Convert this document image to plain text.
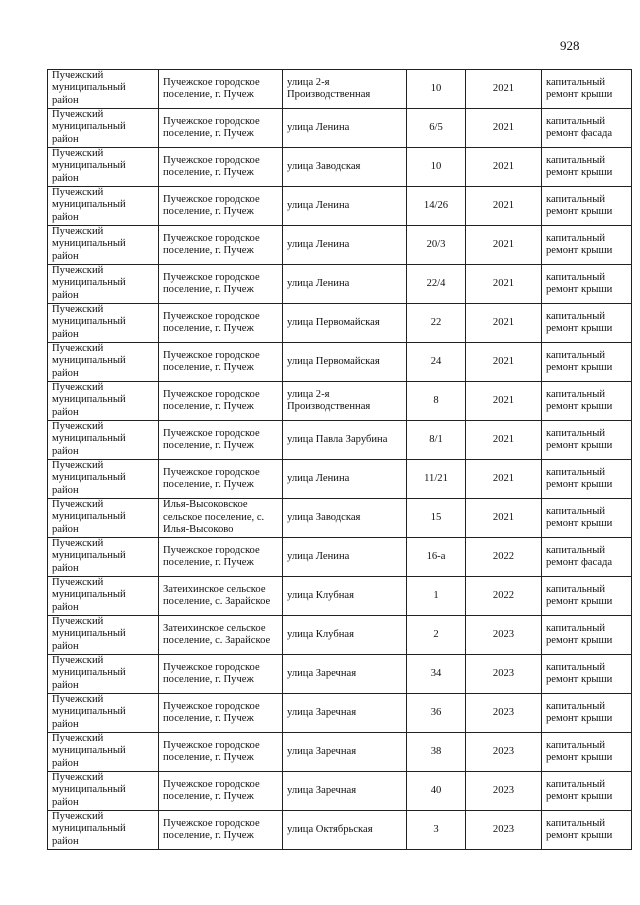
928
Пучежский муниципальный район	Пучежское городское поселение, г. Пучеж	улица 2-я Производственная	10	2021	капитальный ремонт крыши
Пучежский муниципальный район	Пучежское городское поселение, г. Пучеж	улица Ленина	6/5	2021	капитальный ремонт фасада
Пучежский муниципальный район	Пучежское городское поселение, г. Пучеж	улица Заводская	10	2021	капитальный ремонт крыши
Пучежский муниципальный район	Пучежское городское поселение, г. Пучеж	улица Ленина	14/26	2021	капитальный ремонт крыши
Пучежский муниципальный район	Пучежское городское поселение, г. Пучеж	улица Ленина	20/3	2021	капитальный ремонт крыши
Пучежский муниципальный район	Пучежское городское поселение, г. Пучеж	улица Ленина	22/4	2021	капитальный ремонт крыши
Пучежский муниципальный район	Пучежское городское поселение, г. Пучеж	улица Первомайская	22	2021	капитальный ремонт крыши
Пучежский муниципальный район	Пучежское городское поселение, г. Пучеж	улица Первомайская	24	2021	капитальный ремонт крыши
Пучежский муниципальный район	Пучежское городское поселение, г. Пучеж	улица 2-я Производственная	8	2021	капитальный ремонт крыши
Пучежский муниципальный район	Пучежское городское поселение, г. Пучеж	улица Павла Зарубина	8/1	2021	капитальный ремонт крыши
Пучежский муниципальный район	Пучежское городское поселение, г. Пучеж	улица Ленина	11/21	2021	капитальный ремонт крыши
Пучежский муниципальный район	Илья-Высоковское сельское поселение, с. Илья-Высоково	улица Заводская	15	2021	капитальный ремонт крыши
Пучежский муниципальный район	Пучежское городское поселение, г. Пучеж	улица Ленина	16-а	2022	капитальный ремонт фасада
Пучежский муниципальный район	Затеихинское сельское поселение, с. Зарайское	улица Клубная	1	2022	капитальный ремонт крыши
Пучежский муниципальный район	Затеихинское сельское поселение, с. Зарайское	улица Клубная	2	2023	капитальный ремонт крыши
Пучежский муниципальный район	Пучежское городское поселение, г. Пучеж	улица Заречная	34	2023	капитальный ремонт крыши
Пучежский муниципальный район	Пучежское городское поселение, г. Пучеж	улица Заречная	36	2023	капитальный ремонт крыши
Пучежский муниципальный район	Пучежское городское поселение, г. Пучеж	улица Заречная	38	2023	капитальный ремонт крыши
Пучежский муниципальный район	Пучежское городское поселение, г. Пучеж	улица Заречная	40	2023	капитальный ремонт крыши
Пучежский муниципальный район	Пучежское городское поселение, г. Пучеж	улица Октябрьская	3	2023	капитальный ремонт крыши
